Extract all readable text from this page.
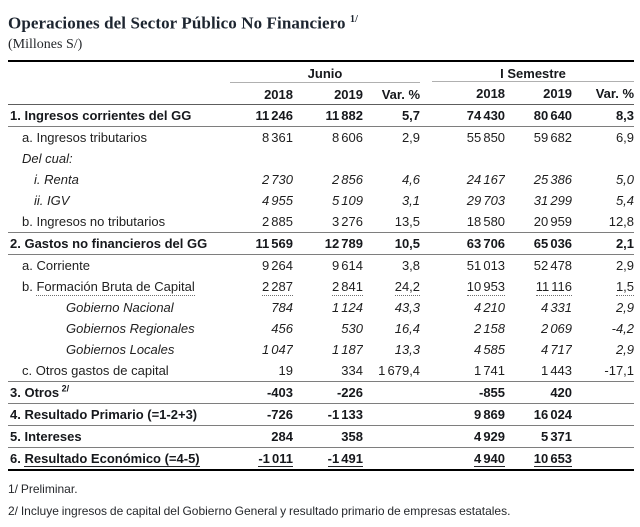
Operaciones del Sector Público No Financiero $^{1/}$
(Millones S/)
	Junio			I Semestre		

	2018	2019	Var. %	2018	2019	Var. %
1. Ingresos corrientes del GG	11 246	11 882	5,7	74 430	80 640	8,3
a. Ingresos tributarios	8 361	8 606	2,9	55 850	59 682	6,9
Del cual:						
i. Renta	2 730	2 856	4,6	24 167	25 386	5,0
ii. IGV	4 955	5 109	3,1	29 703	31 299	5,4
b. Ingresos no tributarios	2 885	3 276	13,5	18 580	20 959	12,8
2. Gastos no financieros del GG	11 569	12 789	10,5	63 706	65 036	2,1
a. Corriente	9 264	9 614	3,8	51 013	52 478	2,9
b. Formación Bruta de Capital	2 287	2 841	24,2	10 953	11 116	1,5
Gobierno Nacional	784	1 124	43,3	4 210	4 331	2,9
Gobiernos Regionales	456	530	16,4	2 158	2 069	-4,2
Gobiernos Locales	1 047	1 187	13,3	4 585	4 717	2,9
c. Otros gastos de capital	19	334	1 679,4	1 741	1 443	-17,1
3. Otros $^{2/}$	-403	-226		-855	420	
4. Resultado Primario (=1-2+3)	-726	-1 133		9 869	16 024	
5. Intereses	284	358		4 929	5 371	
6. Resultado Económico (=4-5)	-1 011	-1 491		4 940	10 653	
1/ Preliminar.
2/ Incluye ingresos de capital del Gobierno General y resultado primario de empresas estatales.
